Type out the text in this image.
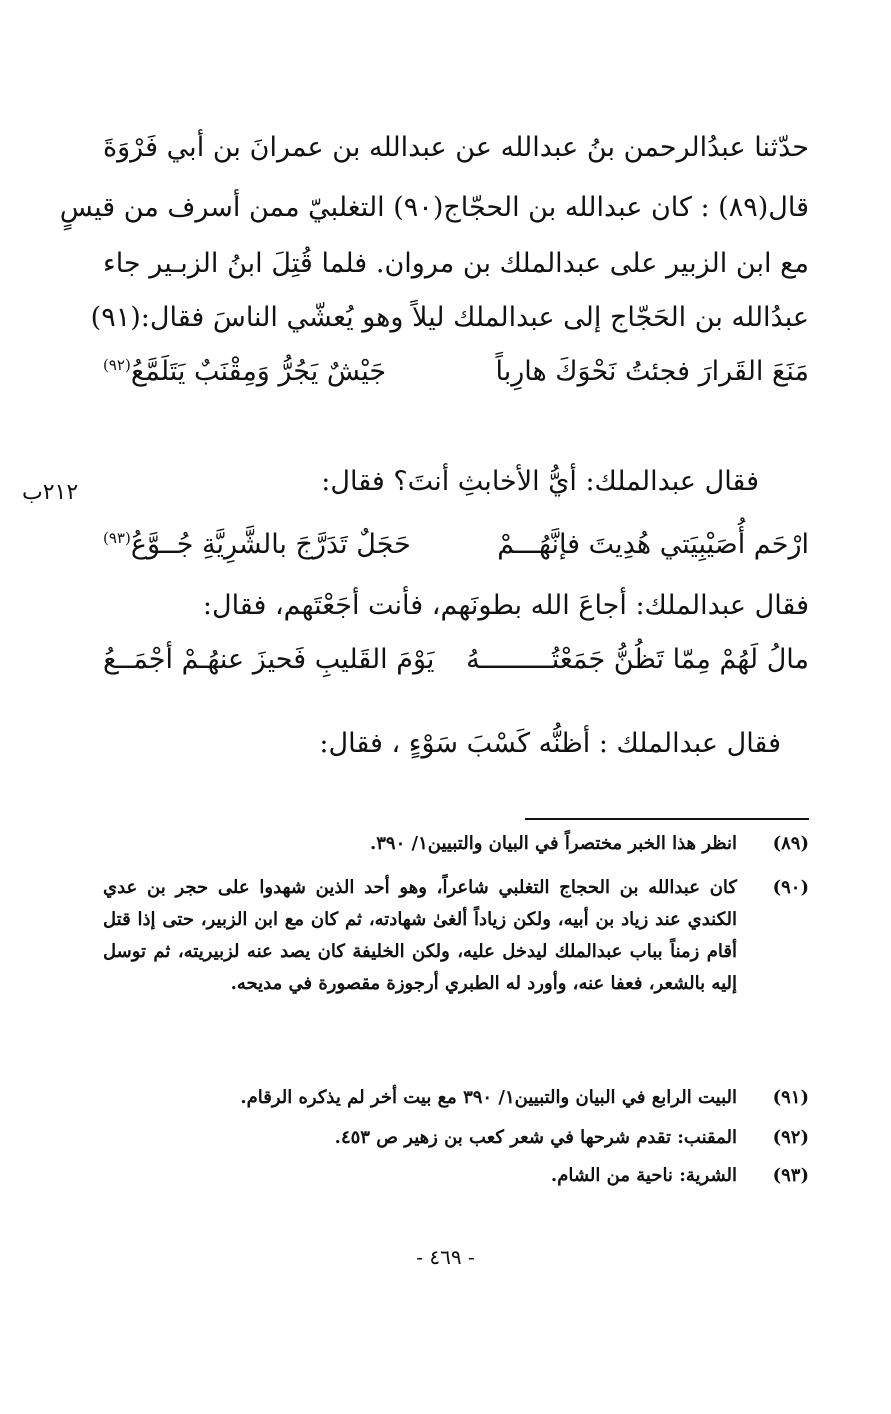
٢١٢ب
حدّثنا عبدُالرحمن بنُ عبدالله عن عبدالله بن عمرانَ بن أبي فَرْوَةَ
قال(٨٩) : كان عبدالله بن الحجّاج(٩٠) التغلبيّ ممن أسرف من قيسٍ
مع ابن الزبير على عبدالملك بن مروان. فلما قُتِلَ ابنُ الزبـير جاء
عبدُالله بن الحَجّاج إلى عبدالملك ليلاً وهو يُعشّي الناسَ فقال:(٩١)
مَنَعَ القَرارَ فجئتُ نَحْوَكَ هارِباً
جَيْشٌ يَجُرُّ وَمِقْنَبٌ يَتَلَمَّعُ$^{(٩٢)}$
فقال عبدالملك: أيُّ الأخابثِ أنتَ؟ فقال:
ارْحَم أُصَيْبِيَتي هُدِيتَ فإنَّهُـــمْ
حَجَلٌ تَدَرَّجَ بالشَّرِيَّةِ جُــوَّعُ$^{(٩٣)}$
فقال عبدالملك: أجاعَ الله بطونَهم، فأنت أجَعْتَهم، فقال:
مالُ لَهُمْ مِمّا تَظُنُّ جَمَعْتُـــــــــهُ
يَوْمَ القَليبِ فَحيزَ عنهُـمْ أجْمَــعُ
فقال عبدالملك : أظنُّه كَسْبَ سَوْءٍ ، فقال:
(٨٩)
انظر هذا الخبر مختصراً في البيان والتبيين١/ ٣٩٠.
(٩٠)
كان عبدالله بن الحجاج التغلبي شاعراً، وهو أحد الذين شهدوا على حجر بن عدي الكندي عند زياد بن أبيه، ولكن زياداً ألغىٰ شهادته، ثم كان مع ابن الزبير، حتى إذا قتل أقام زمناً بباب عبدالملك ليدخل عليه، ولكن الخليفة كان يصد عنه لزبيريته، ثم توسل إليه بالشعر، فعفا عنه، وأورد له الطبري أرجوزة مقصورة في مديحه.
(٩١)
البيت الرابع في البيان والتبيين١/ ٣٩٠ مع بيت أخر لم يذكره الرقام.
(٩٢)
المقنب: تقدم شرحها في شعر كعب بن زهير ص ٤٥٣.
(٩٣)
الشرية: ناحية من الشام.
- ٤٦٩ -
